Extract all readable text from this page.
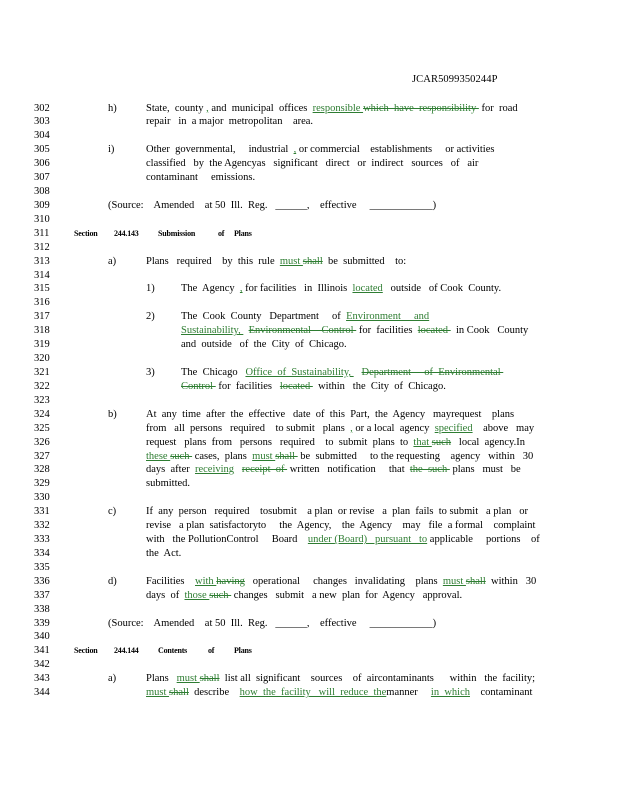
JCAR5099350244P
302
303
304
305
306
307
308
309
310
311
312
313
314
315
316
317
318
319
320
321
322
323
324
325
326
327
328
329
330
331
332
333
334
335
336
337
338
339
340
341
342
343
344
h)	State,  county , and  municipal  offices  responsible which  have  responsibility  for  road
repair   in  a major  metropolitan    area.
i)	Other  governmental,     industrial  , or commercial    establishments     or activities
classified   by  the Agencyas   significant   direct   or  indirect   sources   of   air
contaminant     emissions.
(Source:    Amended    at 50  Ill.  Reg.   ______,    effective     ____________)
Section 244.143 Submission	of Plans
a)	Plans   required    by  this  rule  must shall  be  submitted    to:
1)	The  Agency  , for facilities   in  Illinois  located   outside   of Cook  County.
2)	The  Cook  County   Department     of  Environment     and
Sustainability,   Environmental    Control  for  facilities  located   in Cook   County
and  outside   of  the  City  of  Chicago.
3)	The  Chicago   Office  of  Sustainability,    Department     of  Environmental
Control  for  facilities   located   within   the  City  of  Chicago.
b)	At  any  time  after  the  effective   date  of  this  Part,  the  Agency   mayrequest    plans
from   all  persons   required    to submit   plans  , or a local  agency  specified    above   may
request   plans  from   persons   required    to  submit  plans  to  that such   local  agency.In
these such  cases,  plans  must shall  be  submitted     to the requesting    agency   within   30
days  after  receiving receipt  of  written   notification     that  the  such  plans   must   be
submitted.
c)	If  any  person   required    tosubmit    a plan  or revise   a  plan  fails  to submit   a plan   or
revise   a plan  satisfactoryto     the  Agency,    the  Agency    may   file  a formal    complaint
with   the PollutionControl     Board    under (Board)   pursuant   to applicable     portions    of
the  Act.
d)	Facilities    with having   operational     changes   invalidating    plans  must shall  within   30
days  of  those such  changes   submit   a new  plan  for  Agency   approval.
(Source:    Amended    at 50  Ill.  Reg.   ______,    effective     ____________)
Section 244.144 Contents	of Plans
a)	Plans   must shall  list all  significant    sources    of  aircontaminants      within   the  facility;
must shall  describe    how  the  facility   will  reduce  themanner     in  which    contaminant
